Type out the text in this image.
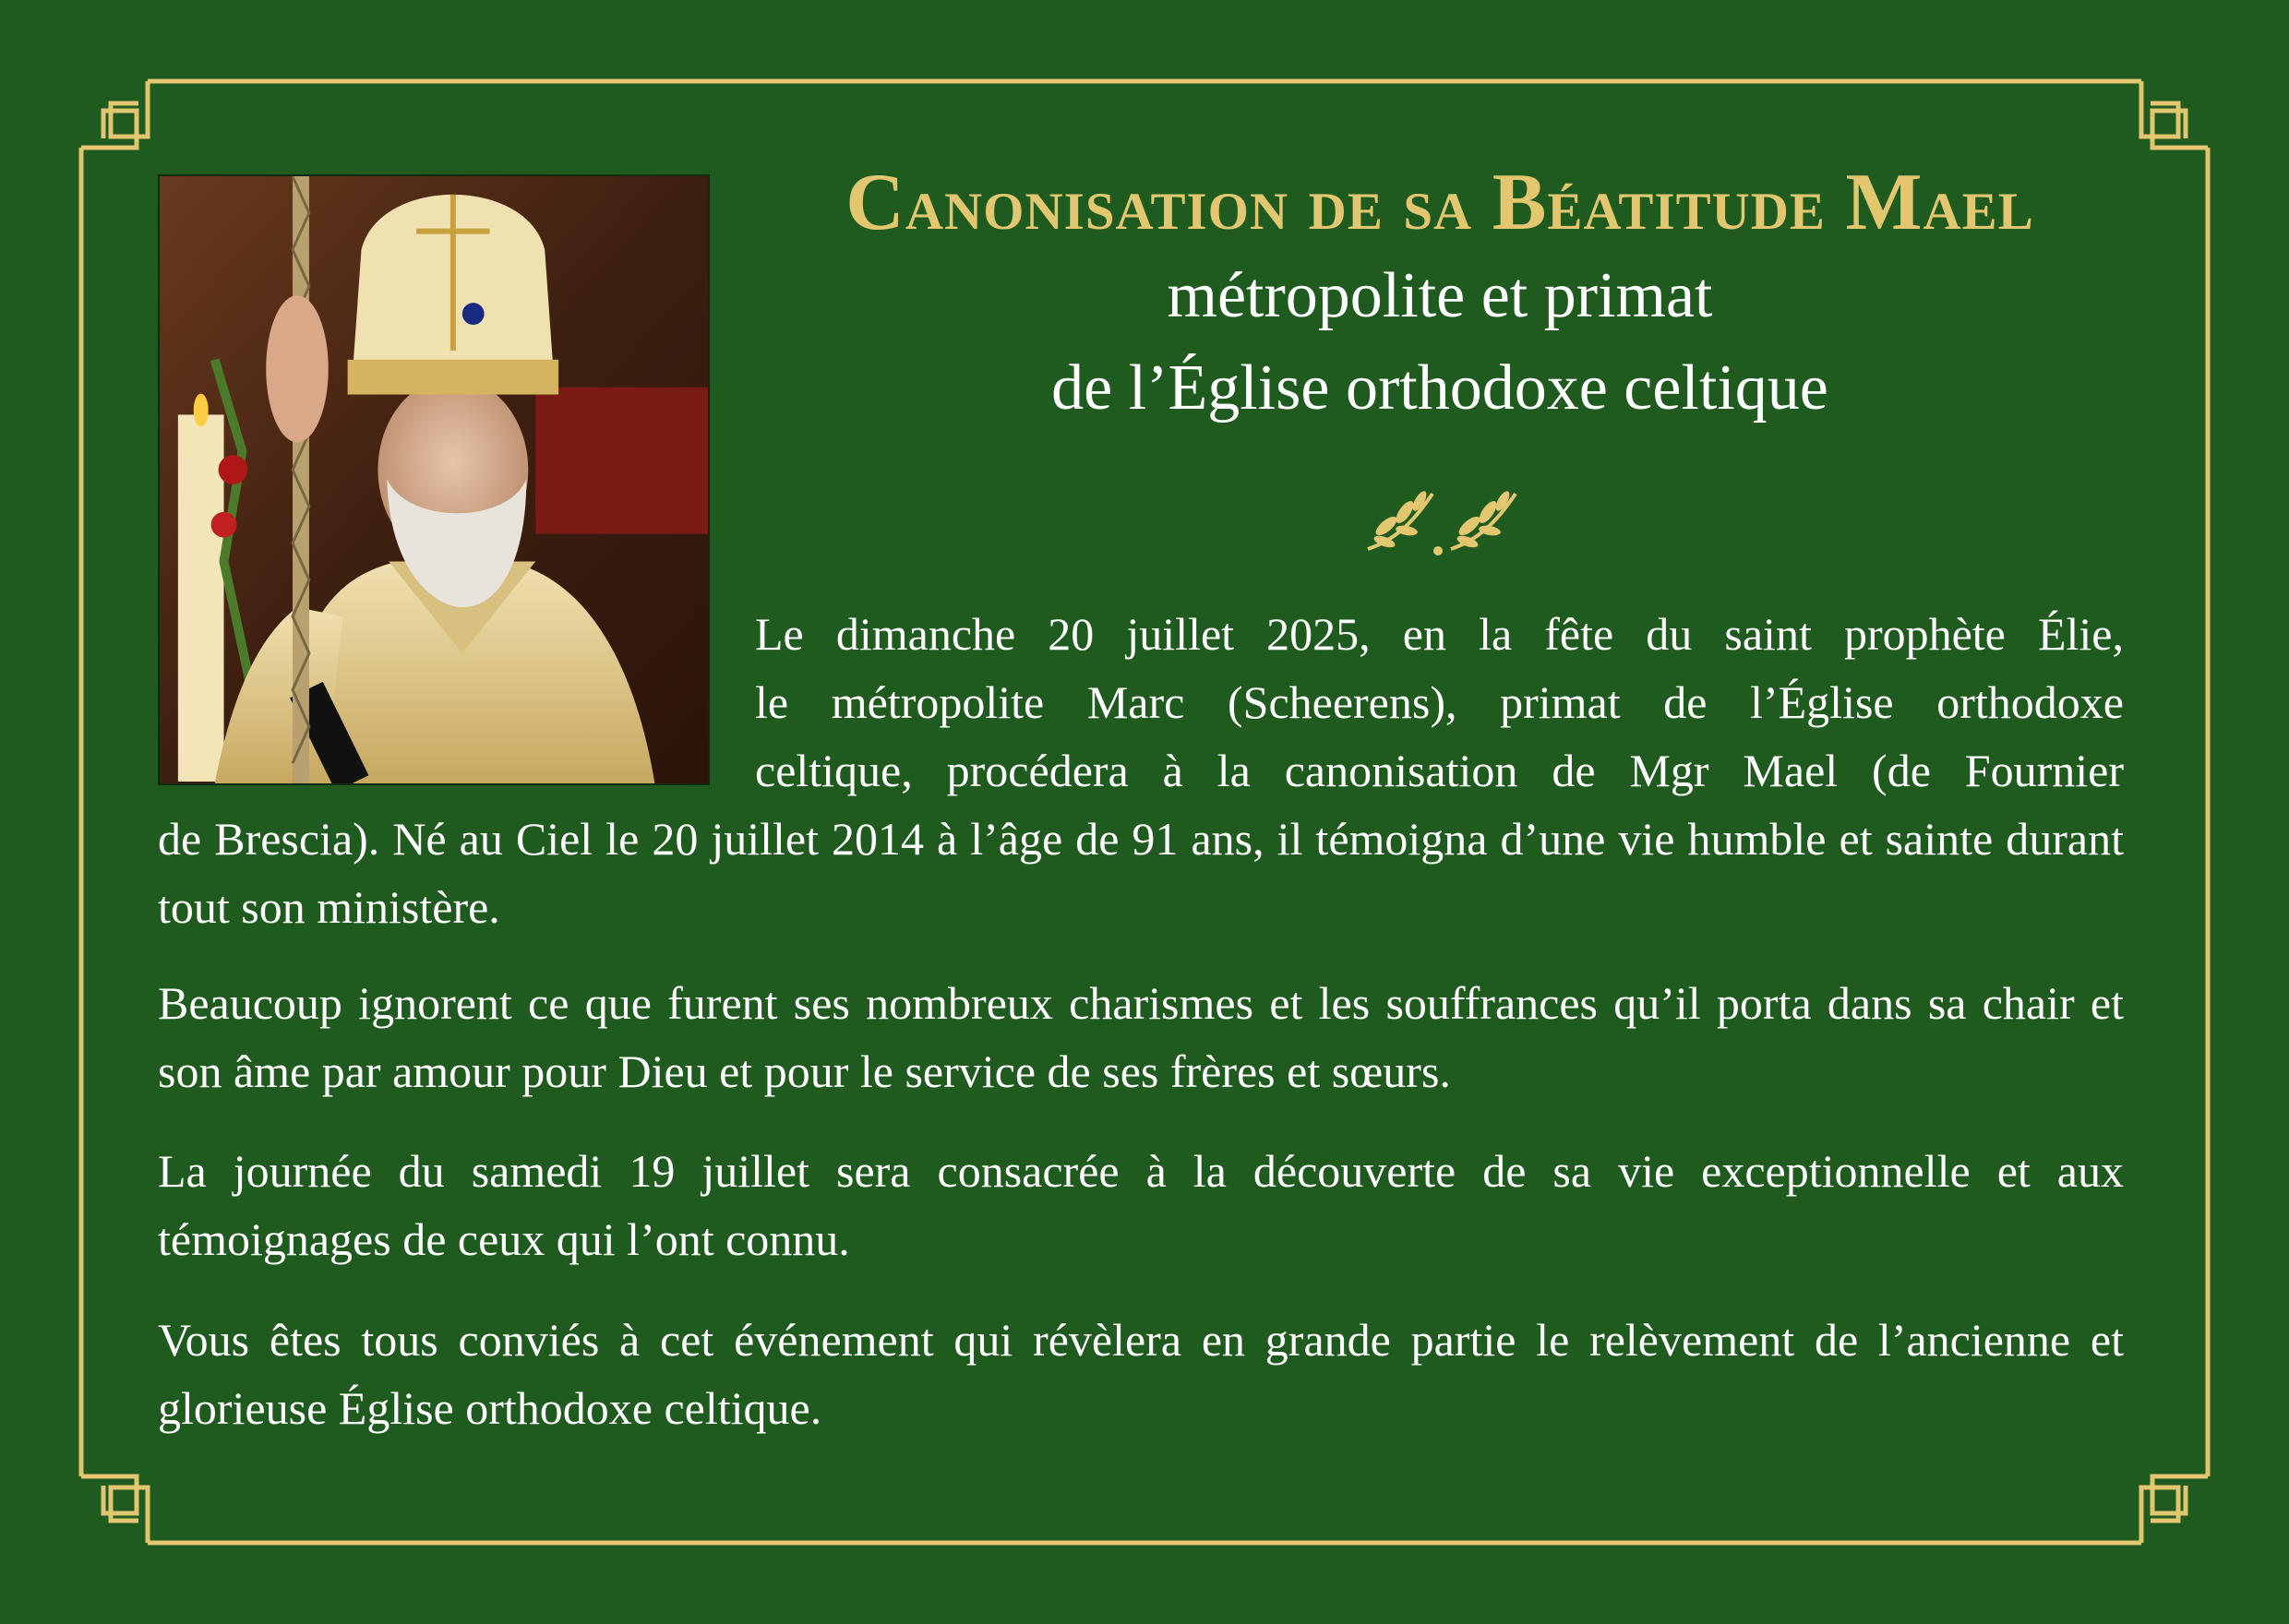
Canonisation de sa Béatitude Mael
métropolite et primat
de l’Église orthodoxe celtique
Le dimanche 20 juillet 2025, en la fête du saint prophète Élie,
le métropolite Marc (Scheerens), primat de l’Église orthodoxe
celtique, procédera à la canonisation de Mgr Mael (de Fournier

de Brescia). Né au Ciel le 20 juillet 2014 à l’âge de 91 ans, il témoigna d’une vie humble et sainte durant tout son ministère.

Beaucoup ignorent ce que furent ses nombreux charismes et les souffrances qu’il porta dans sa chair et son âme par amour pour Dieu et pour le service de ses frères et sœurs.

La journée du samedi 19 juillet sera consacrée à la découverte de sa vie exceptionnelle et aux témoignages de ceux qui l’ont connu.

Vous êtes tous conviés à cet événement qui révèlera en grande partie le relèvement de l’ancienne et glorieuse Église orthodoxe celtique.
